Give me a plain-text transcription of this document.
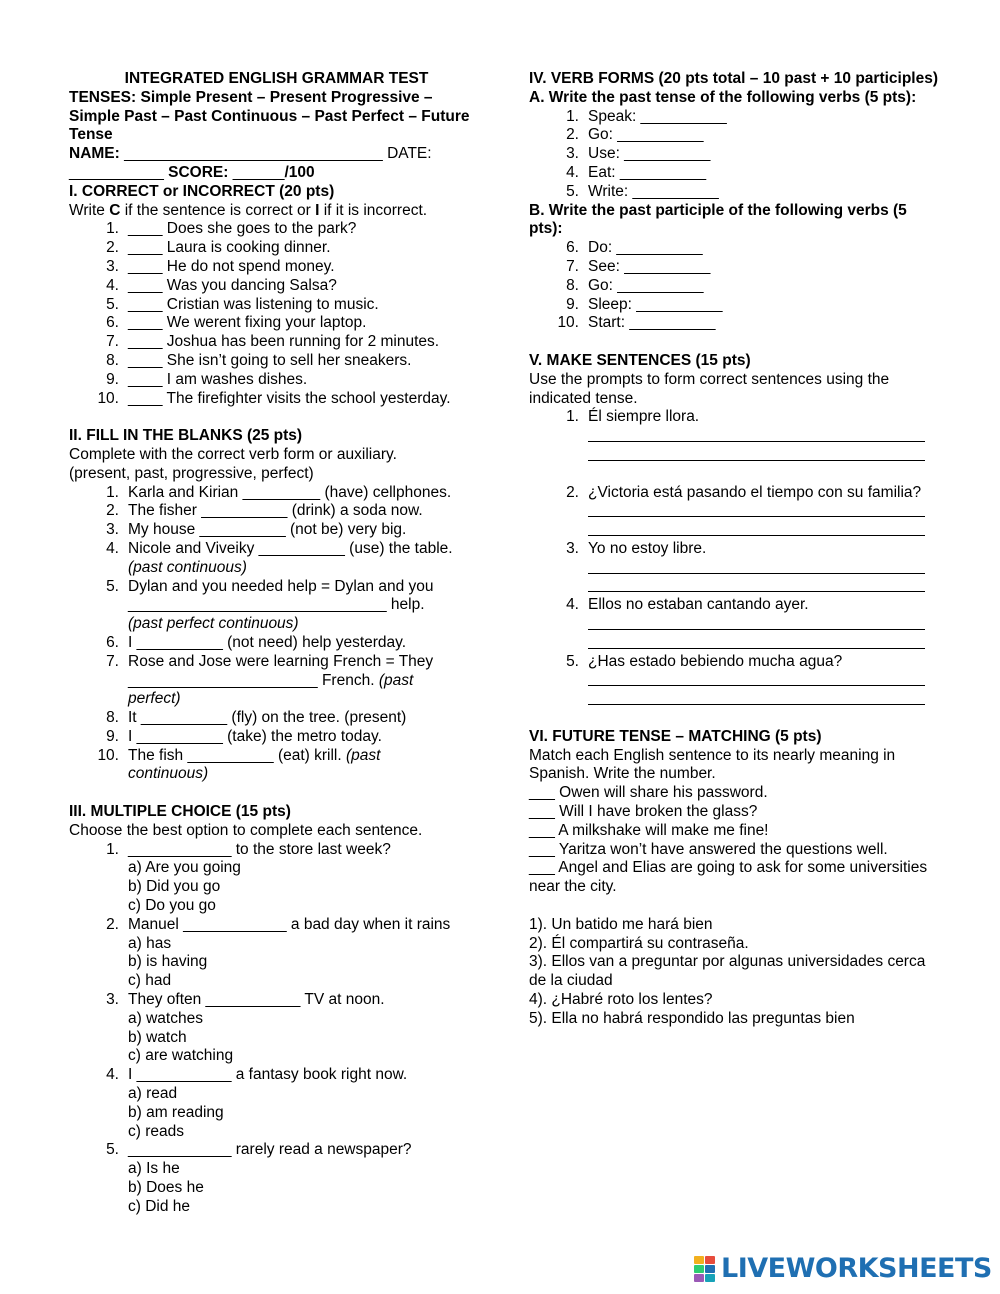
INTEGRATED ENGLISH GRAMMAR TEST
TENSES: Simple Present – Present Progressive – Simple Past – Past Continuous – Past Perfect – Future Tense
NAME: ______________________________ DATE:
___________ SCORE: ______/100
I. CORRECT or INCORRECT (20 pts)
Write C if the sentence is correct or I if it is incorrect.
1. ____ Does she goes to the park?
2. ____ Laura is cooking dinner.
3. ____ He do not spend money.
4. ____ Was you dancing Salsa?
5. ____ Cristian was listening to music.
6. ____ We werent fixing your laptop.
7. ____ Joshua has been running for 2 minutes.
8. ____ She isn’t going to sell her sneakers.
9. ____ I am washes dishes.
10. ____ The firefighter visits the school yesterday.
II. FILL IN THE BLANKS (25 pts)
Complete with the correct verb form or auxiliary.
(present, past, progressive, perfect)
1. Karla and Kirian _________ (have) cellphones.
2. The fisher __________ (drink) a soda now.
3. My house __________ (not be) very big.
4. Nicole and Viveiky __________ (use) the table.
(past continuous)
5. Dylan and you needed help = Dylan and you
______________________________ help.
(past perfect continuous)
6. I __________ (not need) help yesterday.
7. Rose and Jose were learning French = They
______________________ French. (past
perfect)
8. It __________ (fly) on the tree. (present)
9. I __________ (take) the metro today.
10. The fish __________ (eat) krill. (past
continuous)
III. MULTIPLE CHOICE (15 pts)
Choose the best option to complete each sentence.
1. ____________ to the store last week?
a) Are you going
b) Did you go
c) Do you go
2. Manuel ____________ a bad day when it rains
a) has
b) is having
c) had
3. They often ___________ TV at noon.
a) watches
b) watch
c) are watching
4. I ___________ a fantasy book right now.
a) read
b) am reading
c) reads
5. ____________ rarely read a newspaper?
a) Is he
b) Does he
c) Did he
IV. VERB FORMS (20 pts total – 10 past + 10 participles)
A. Write the past tense of the following verbs (5 pts):
1. Speak: __________
2. Go: __________
3. Use: __________
4. Eat: __________
5. Write: __________
B. Write the past participle of the following verbs (5 pts):
6. Do: __________
7. See: __________
8. Go: __________
9. Sleep: __________
10. Start: __________
V. MAKE SENTENCES (15 pts)
Use the prompts to form correct sentences using the indicated tense.
1. Él siempre llora.
2. ¿Victoria está pasando el tiempo con su familia?
3. Yo no estoy libre.
4. Ellos no estaban cantando ayer.
5. ¿Has estado bebiendo mucha agua?
VI. FUTURE TENSE – MATCHING (5 pts)
Match each English sentence to its nearly meaning in Spanish. Write the number.
___ Owen will share his password.
___ Will I have broken the glass?
___ A milkshake will make me fine!
___ Yaritza won’t have answered the questions well.
___ Angel and Elias are going to ask for some universities near the city.
1). Un batido me hará bien
2). Él compartirá su contraseña.
3). Ellos van a preguntar por algunas universidades cerca de la ciudad
4). ¿Habré roto los lentes?
5). Ella no habrá respondido las preguntas bien
LIVEWORKSHEETS
